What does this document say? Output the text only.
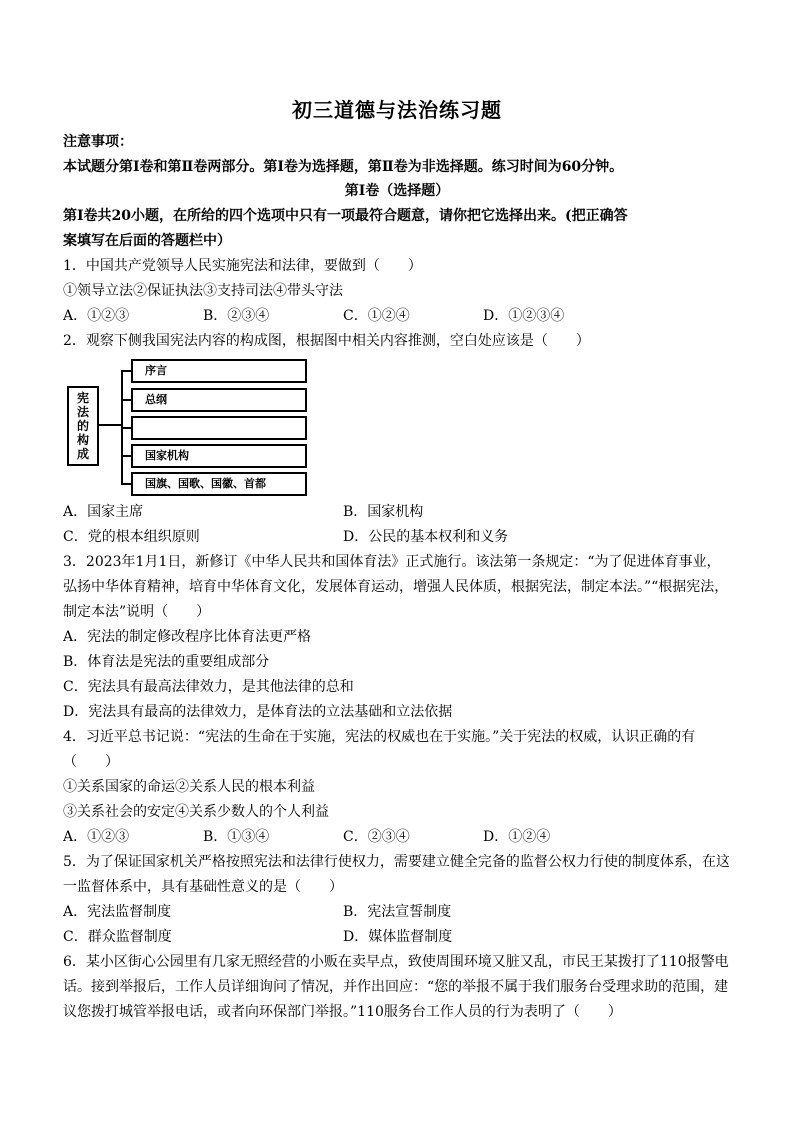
初三道德与法治练习题
注意事项：
本试题分第Ⅰ卷和第Ⅱ卷两部分。第Ⅰ卷为选择题，第Ⅱ卷为非选择题。练习时间为60分钟。
第Ⅰ卷（选择题）
第Ⅰ卷共20小题，在所给的四个选项中只有一项最符合题意，请你把它选择出来。(把正确答
案填写在后面的答题栏中）
1．中国共产党领导人民实施宪法和法律，要做到（　　）
①领导立法②保证执法③支持司法④带头守法
A．①②③	B．②③④	C．①②④	D．①②③④
2．观察下侧我国宪法内容的构成图，根据图中相关内容推测，空白处应该是（　　）
宪
法
的
构
成
序言
总纲
国家机构
国旗、国歌、国徽、首都
A．国家主席	B．国家机构
C．党的根本组织原则	D．公民的基本权利和义务
3．2023年1月1日，新修订《中华人民共和国体育法》正式施行。该法第一条规定：“为了促进体育事业，
弘扬中华体育精神，培育中华体育文化，发展体育运动，增强人民体质，根据宪法，制定本法。”“根据宪法，
制定本法”说明（　　）
A．宪法的制定修改程序比体育法更严格
B．体育法是宪法的重要组成部分
C．宪法具有最高法律效力，是其他法律的总和
D．宪法具有最高的法律效力，是体育法的立法基础和立法依据
4．习近平总书记说：“宪法的生命在于实施，宪法的权威也在于实施。”关于宪法的权威，认识正确的有
（　　）
①关系国家的命运②关系人民的根本利益
③关系社会的安定④关系少数人的个人利益
A．①②③	B．①③④	C．②③④	D．①②④
5．为了保证国家机关严格按照宪法和法律行使权力，需要建立健全完备的监督公权力行使的制度体系，在这
一监督体系中，具有基础性意义的是（　　）
A．宪法监督制度	B．宪法宣誓制度
C．群众监督制度	D．媒体监督制度
6．某小区街心公园里有几家无照经营的小贩在卖早点，致使周围环境又脏又乱，市民王某拨打了110报警电
话。接到举报后，工作人员详细询问了情况，并作出回应：“您的举报不属于我们服务台受理求助的范围，建
议您拨打城管举报电话，或者向环保部门举报。”110服务台工作人员的行为表明了（　　）
